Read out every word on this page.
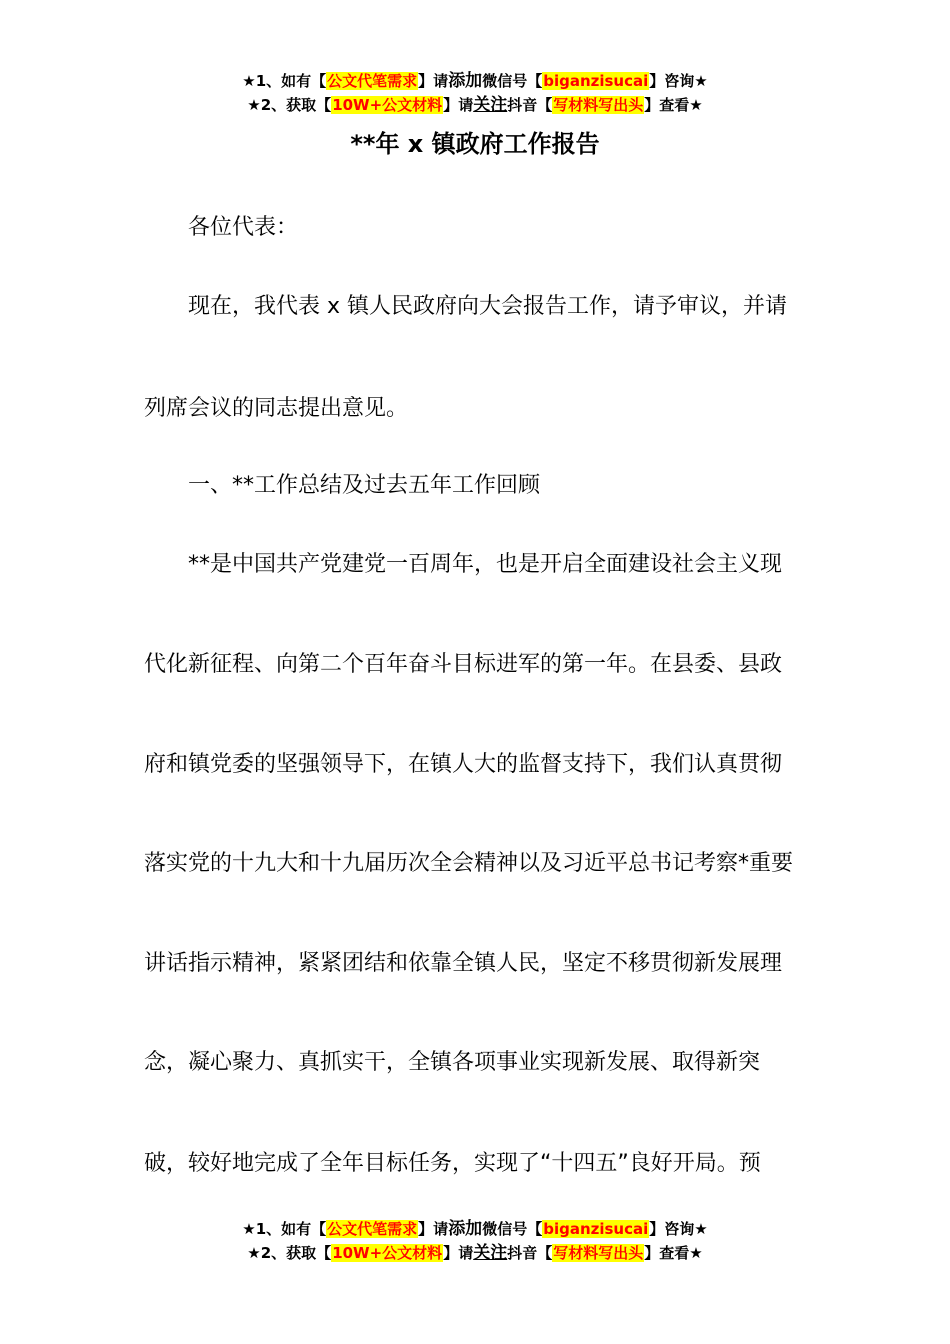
★1、如有【公文代笔需求】请添加微信号【biganzisucai】咨询★
★2、获取【10W+公文材料】请关注抖音【写材料写出头】查看★
**年 x 镇政府工作报告
各位代表：
现在，我代表 x 镇人民政府向大会报告工作，请予审议，并请
列席会议的同志提出意见。
一、**工作总结及过去五年工作回顾
**是中国共产党建党一百周年，也是开启全面建设社会主义现
代化新征程、向第二个百年奋斗目标进军的第一年。在县委、县政
府和镇党委的坚强领导下，在镇人大的监督支持下，我们认真贯彻
落实党的十九大和十九届历次全会精神以及习近平总书记考察*重要
讲话指示精神，紧紧团结和依靠全镇人民，坚定不移贯彻新发展理
念，凝心聚力、真抓实干，全镇各项事业实现新发展、取得新突
破，较好地完成了全年目标任务，实现了“十四五”良好开局。预
★1、如有【公文代笔需求】请添加微信号【biganzisucai】咨询★
★2、获取【10W+公文材料】请关注抖音【写材料写出头】查看★
